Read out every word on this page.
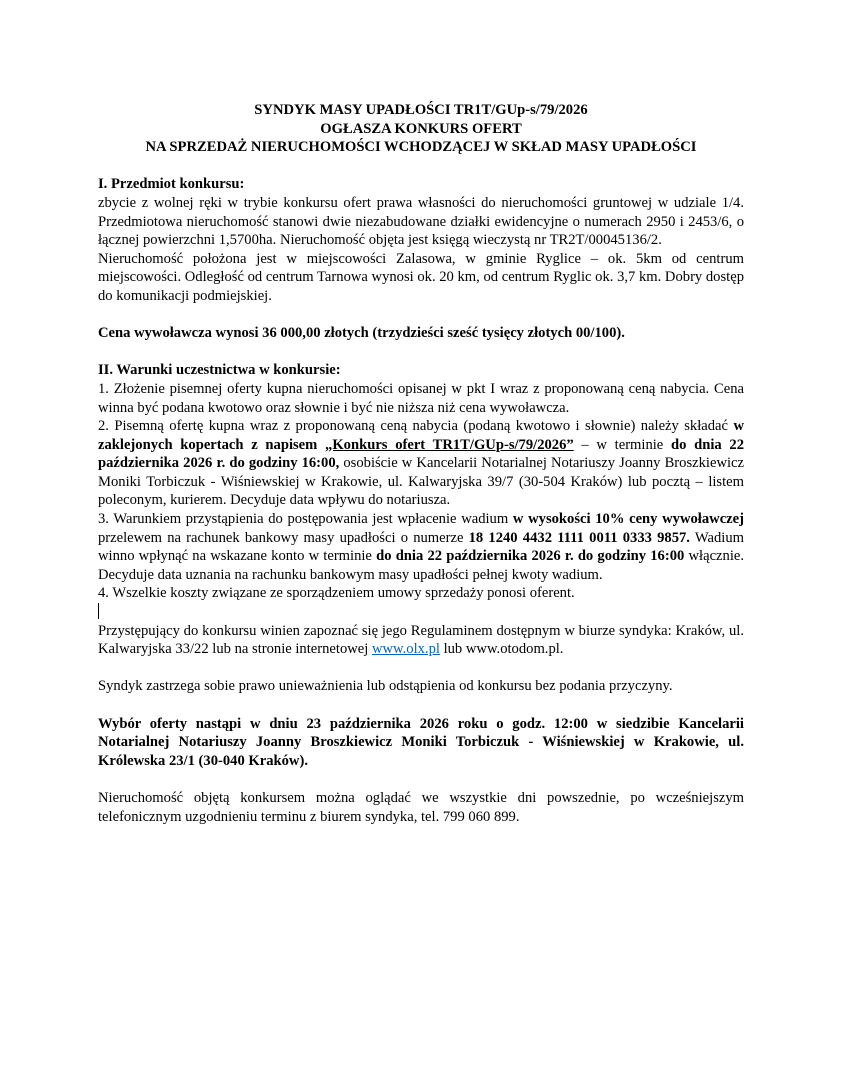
SYNDYK MASY UPADŁOŚCI TR1T/GUp-s/79/2026
OGŁASZA KONKURS OFERT
NA SPRZEDAŻ NIERUCHOMOŚCI WCHODZĄCEJ W SKŁAD MASY UPADŁOŚCI
I. Przedmiot konkursu:

zbycie z wolnej ręki w trybie konkursu ofert prawa własności do nieruchomości gruntowej w udziale 1/4. Przedmiotowa nieruchomość stanowi dwie niezabudowane działki ewidencyjne o numerach 2950 i 2453/6, o łącznej powierzchni 1,5700ha. Nieruchomość objęta jest księgą wieczystą nr TR2T/00045136/2.

Nieruchomość położona jest w miejscowości Zalasowa, w gminie Ryglice – ok. 5km od centrum miejscowości. Odległość od centrum Tarnowa wynosi ok. 20 km, od centrum Ryglic ok. 3,7 km. Dobry dostęp do komunikacji podmiejskiej.

Cena wywoławcza wynosi 36 000,00 złotych (trzydzieści sześć tysięcy złotych 00/100).

II. Warunki uczestnictwa w konkursie:

1. Złożenie pisemnej oferty kupna nieruchomości opisanej w pkt I wraz z proponowaną ceną nabycia. Cena winna być podana kwotowo oraz słownie i być nie niższa niż cena wywoławcza.

2. Pisemną ofertę kupna wraz z proponowaną ceną nabycia (podaną kwotowo i słownie) należy składać w zaklejonych kopertach z napisem „Konkurs ofert TR1T/GUp-s/79/2026” – w terminie do dnia 22 października 2026 r. do godziny 16:00, osobiście w Kancelarii Notarialnej Notariuszy Joanny Broszkiewicz Moniki Torbiczuk - Wiśniewskiej w Krakowie, ul. Kalwaryjska 39/7 (30-504 Kraków) lub pocztą – listem poleconym, kurierem. Decyduje data wpływu do notariusza.

3. Warunkiem przystąpienia do postępowania jest wpłacenie wadium w wysokości 10% ceny wywoławczej przelewem na rachunek bankowy masy upadłości o numerze 18 1240 4432 1111 0011 0333 9857. Wadium winno wpłynąć na wskazane konto w terminie do dnia 22 października 2026 r. do godziny 16:00 włącznie. Decyduje data uznania na rachunku bankowym masy upadłości pełnej kwoty wadium.

4. Wszelkie koszty związane ze sporządzeniem umowy sprzedaży ponosi oferent.

Przystępujący do konkursu winien zapoznać się jego Regulaminem dostępnym w biurze syndyka: Kraków, ul. Kalwaryjska 33/22 lub na stronie internetowej www.olx.pl lub www.otodom.pl.

Syndyk zastrzega sobie prawo unieważnienia lub odstąpienia od konkursu bez podania przyczyny.

Wybór oferty nastąpi w dniu 23 października 2026 roku o godz. 12:00 w siedzibie Kancelarii Notarialnej Notariuszy Joanny Broszkiewicz Moniki Torbiczuk - Wiśniewskiej w Krakowie, ul. Królewska 23/1 (30-040 Kraków).

Nieruchomość objętą konkursem można oglądać we wszystkie dni powszednie, po wcześniejszym telefonicznym uzgodnieniu terminu z biurem syndyka, tel. 799 060 899.
